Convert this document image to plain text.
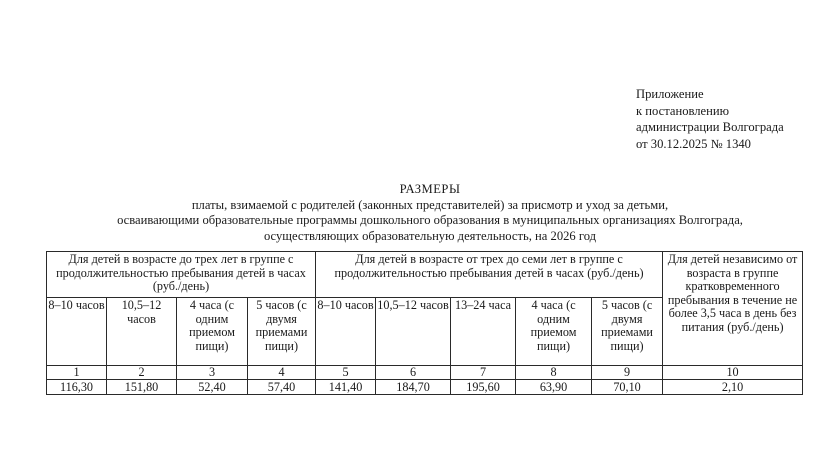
Приложение
к постановлению
администрации Волгограда
от 30.12.2025 № 1340
РАЗМЕРЫ
платы, взимаемой с родителей (законных представителей) за присмотр и уход за детьми,
осваивающими образовательные программы дошкольного образования в муниципальных организациях Волгограда,
осуществляющих образовательную деятельность, на 2026 год
Для детей в возрасте до трех лет в группе с продолжительностью пребывания детей в часах (руб./день)				Для детей в возрасте от трех до семи лет в группе с продолжительностью пребывания детей в часах (руб./день)					Для детей независимо от возраста в группе кратковременного пребывания в течение не более 3,5 часа в день без питания (руб./день)
8–10 часов	10,5–12 часов	4 часа (с одним приемом пищи)	5 часов (с двумя приемами пищи)	8–10 часов	10,5–12 часов	13–24 часа	4 часа (с одним приемом пищи)	5 часов (с двумя приемами пищи)	
1	2	3	4	5	6	7	8	9	10
116,30	151,80	52,40	57,40	141,40	184,70	195,60	63,90	70,10	2,10
